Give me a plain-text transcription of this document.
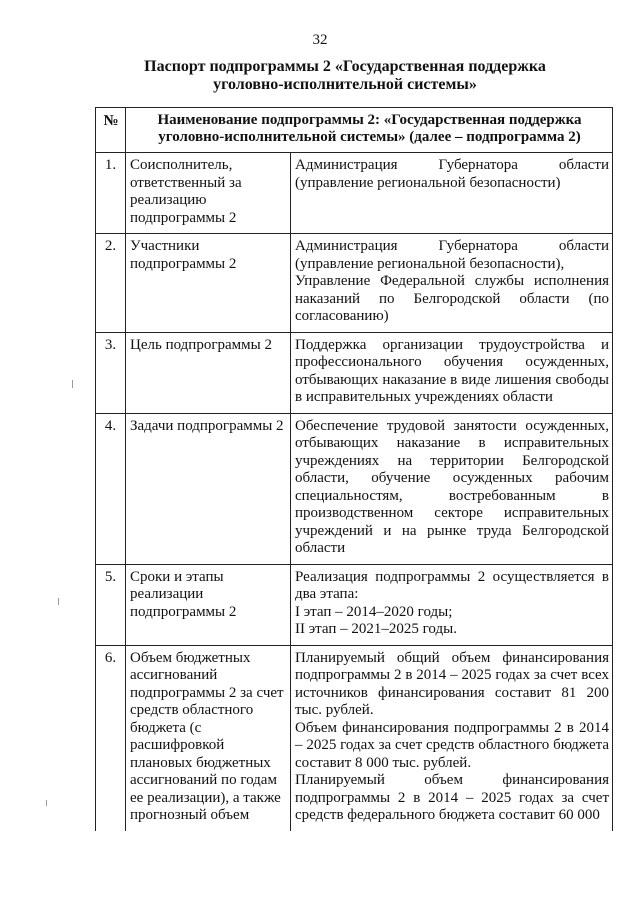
32
Паспорт подпрограммы 2 «Государственная поддержка
уголовно-исполнительной системы»
№	Наименование подпрограммы 2: «Государственная поддержка уголовно-исполнительной системы» (далее – подпрограмма 2)	
1.	Соисполнитель, ответственный за реализацию подпрограммы 2	Администрация Губернатора области (управление региональной безопасности)

2.	Участники подпрограммы 2	Администрация Губернатора области (управление региональной безопасности),
Управление Федеральной службы исполнения наказаний по Белгородской области (по согласованию)

3.	Цель подпрограммы 2	Поддержка организации трудоустройства и профессионального обучения осужденных, отбывающих наказание в виде лишения свободы в исправительных учреждениях области

4.	Задачи подпрограммы 2	Обеспечение трудовой занятости осужденных, отбывающих наказание в исправительных учреждениях на территории Белгородской области, обучение осужденных рабочим специальностям, востребованным в производственном секторе исправительных учреждений и на рынке труда Белгородской области

5.	Сроки и этапы реализации подпрограммы 2	Реализация подпрограммы 2 осуществляется в два этапа:
I этап – 2014–2020 годы;
II этап – 2021–2025 годы.

6.	Объем бюджетных ассигнований подпрограммы 2 за счет средств областного бюджета (с расшифровкой плановых бюджетных ассигнований по годам ее реализации), а также прогнозный объем	Планируемый общий объем финансирования подпрограммы 2 в 2014 – 2025 годах за счет всех источников финансирования составит 81 200 тыс. рублей.
Объем финансирования подпрограммы 2 в 2014 – 2025 годах за счет средств областного бюджета составит 8 000 тыс. рублей.
Планируемый объем финансирования подпрограммы 2 в 2014 – 2025 годах за счет средств федерального бюджета составит 60 000
